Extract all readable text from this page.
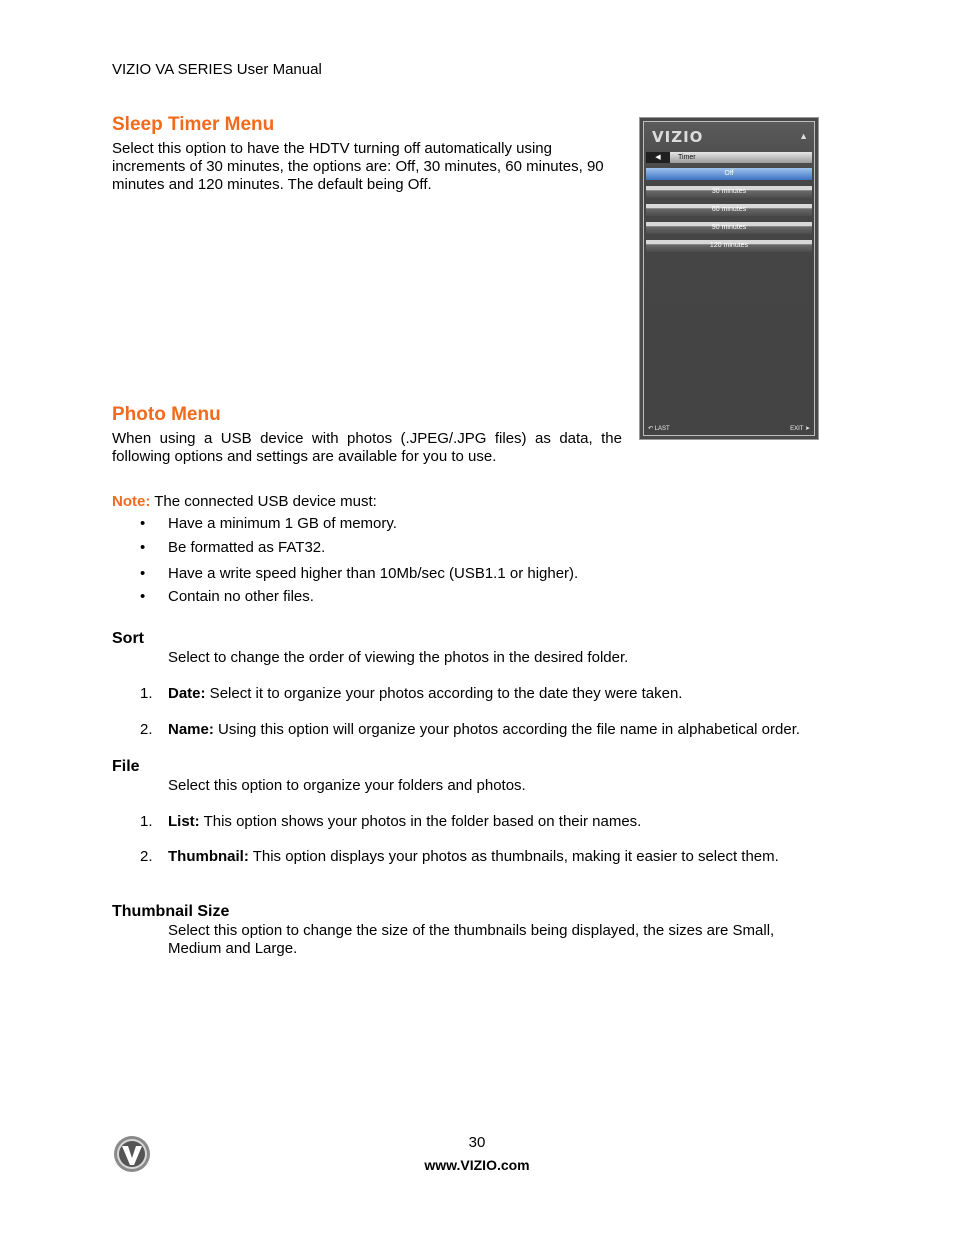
VIZIO VA SERIES User Manual
Sleep Timer Menu

Select this option to have the HDTV turning off automatically using increments of 30 minutes, the options are: Off, 30 minutes, 60 minutes, 90 minutes and 120 minutes. The default being Off.

VIZIO	▲
◀	Timer
Off
30 minutes
60 minutes
90 minutes
120 minutes
↶ LAST	EXIT ➤
Photo Menu

When using a USB device with photos (.JPEG/.JPG files) as data, the following options and settings are available for you to use.

Note: The connected USB device must:

• Have a minimum 1 GB of memory.
• Be formatted as FAT32.
• Have a write speed higher than 10Mb/sec (USB1.1 or higher).
• Contain no other files.
Sort

Select to change the order of viewing the photos in the desired folder.

1. Date: Select it to organize your photos according to the date they were taken.

2. Name: Using this option will organize your photos according the file name in alphabetical order.

File

Select this option to organize your folders and photos.

1. List: This option shows your photos in the folder based on their names.

2. Thumbnail: This option displays your photos as thumbnails, making it easier to select them.

Thumbnail Size

Select this option to change the size of the thumbnails being displayed, the sizes are Small, Medium and Large.

30
www.VIZIO.com
